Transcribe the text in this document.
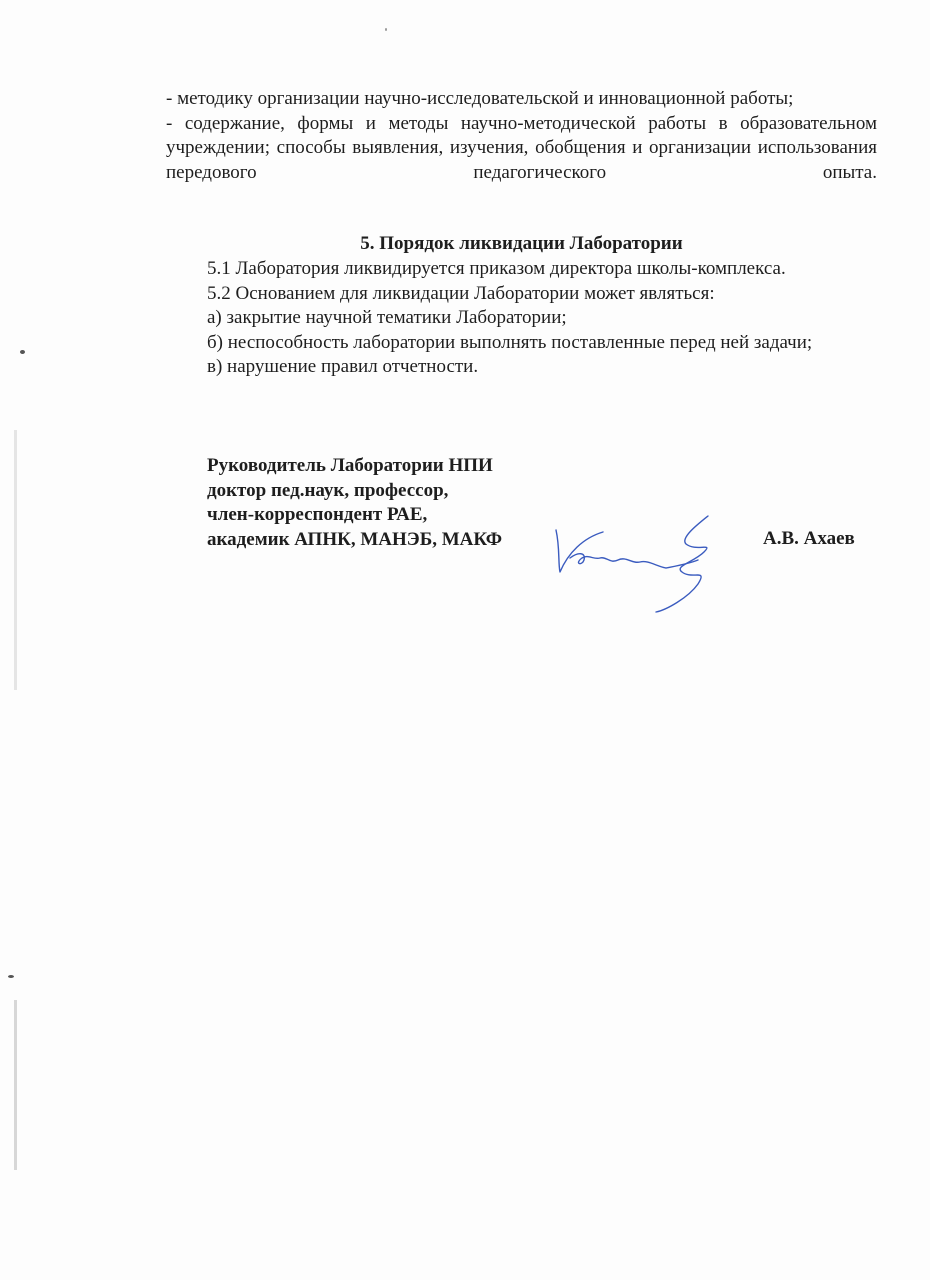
- методику организации научно-исследовательской и инновационной работы;

- содержание, формы и методы научно-методической работы в образовательном учреждении; способы выявления, изучения, обобщения и организации использования передового педагогического опыта.

5. Порядок ликвидации Лаборатории

5.1 Лаборатория ликвидируется приказом директора школы-комплекса.

5.2 Основанием для ликвидации Лаборатории может являться:

а) закрытие научной тематики Лаборатории;

б) неспособность лаборатории выполнять поставленные перед ней задачи;

в) нарушение правил отчетности.

Руководитель Лаборатории НПИ
доктор пед.наук, профессор,
член-корреспондент РАЕ,
академик АПНК, МАНЭБ, МАКФ	А.В. Ахаев
